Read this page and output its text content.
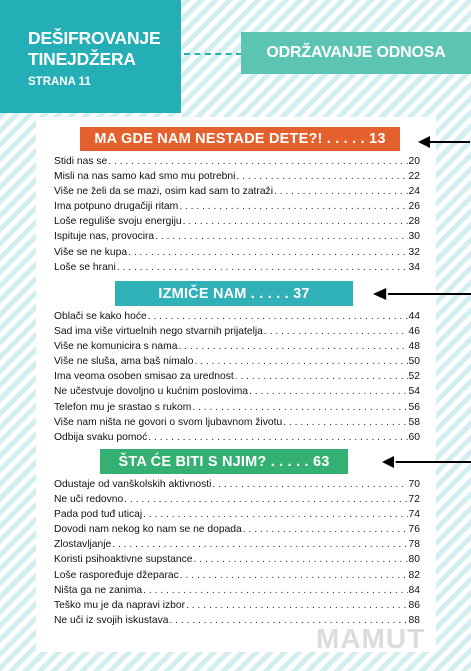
DEŠIFROVANJE
TINEJDŽERA
STRANA 11
ODRŽAVANJE ODNOSA
MA GDE NAM NESTADE DETE?! . . . . . 13
Stidi nas se . . .	20
Misli na nas samo kad smo mu potrebni . . .	22
Više ne želi da se mazi, osim kad sam to zatraži . . .	24
Ima potpuno drugačiji ritam . . .	26
Loše reguliše svoju energiju . . .	28
Ispituje nas, provocira . . .	30
Više se ne kupa . . .	32
Loše se hrani . . .	34
IZMIČE NAM . . . . . 37
Oblači se kako hoće . . .	44
Sad ima više virtuelnih nego stvarnih prijatelja . . .	46
Više ne komunicira s nama . . .	48
Više ne sluša, ama baš nimalo . . .	50
Ima veoma osoben smisao za urednost . . .	52
Ne učestvuje dovoljno u kućnim poslovima . . .	54
Telefon mu je srastao s rukom . . .	56
Više nam ništa ne govori o svom ljubavnom životu . . .	58
Odbija svaku pomoć . . .	60
ŠTA ĆE BITI S NJIM? . . . . . 63
Odustaje od vanškolskih aktivnosti . . .	70
Ne uči redovno . . .	72
Pada pod tuđ uticaj . . .	74
Dovodi nam nekog ko nam se ne dopada . . .	76
Zlostavljanje . . .	78
Koristi psihoaktivne supstance . . .	80
Loše raspoređuje džeparac . . .	82
Ništa ga ne zanima . . .	84
Teško mu je da napravi izbor . . .	86
Ne uči iz svojih iskustava . . .	88
MAMUT
